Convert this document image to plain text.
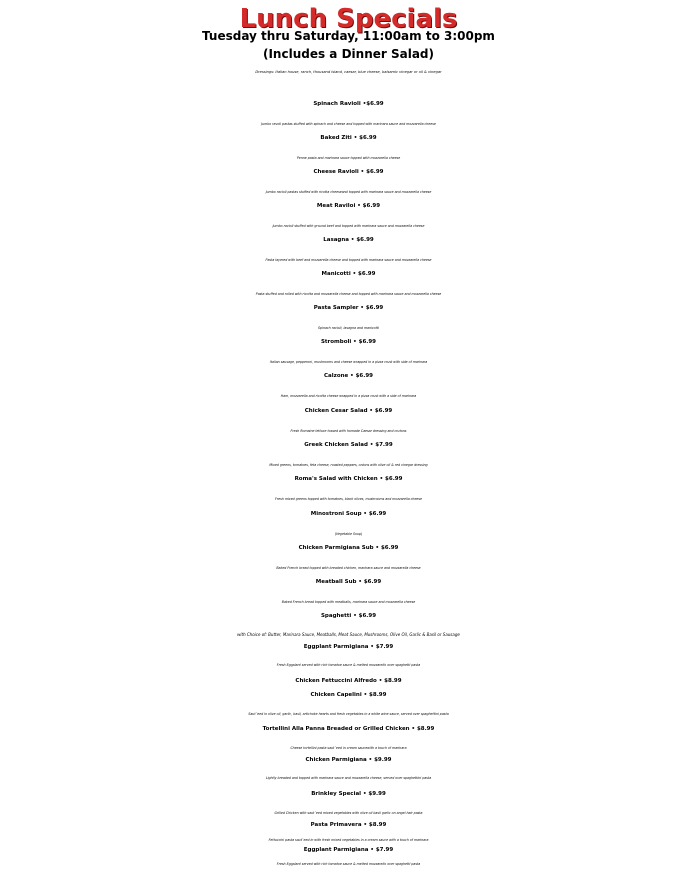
Lunch Specials
Tuesday thru Saturday, 11:00am to 3:00pm
(Includes a Dinner Salad)
Dressings: Italian house, ranch, thousand island, caesar, blue cheese, balsamic vinegar or oil & vinegar
Spinach Ravioli •$6.99
Jumbo ravoli pastas stuffed with spinach and cheese and topped with marinara sauce and mozzarella cheese
Baked Ziti • $6.99
Penne pasta and marinara sauce topped with mozzarella cheese
Cheese Ravioli • $6.99
Jumbo ravioli pastas stuffed with ricotta cheeseand topped with marinara sauce and mozzarella cheese
Meat Raviloi • $6.99
Jumbo ravioli stuffed with ground beef and topped with marinara sauce and mozzarella cheese
Lasagna • $6.99
Pasta layered with beef and mozzarella cheese and topped with marinara sauce and mozzarella cheese
Manicotti • $6.99
Pasta stuffed and rolled with ricotta and mozzarella cheese and topped with marinara sauce and mozzarella cheese
Pasta Sampler • $6.99
Spinach ravioli, lasagna and manicotti
Stromboli • $6.99
Italian sausage, pepperoni, mushrooms and cheese wrapped in a pizza crust with side of marinara
Calzone • $6.99
Ham, mozzarella and ricotta cheese wrapped in a pizza crust with a side of marinara
Chicken Cesar Salad • $6.99
Fresh Romaine lettuce tossed with homade Caesar dressing and crutons
Greek Chicken Salad • $7.99
Mixed greens, tomatoes, feta cheese, roasted peppers, onions with olive oil & red vinegar dressing
Roma's Salad with Chicken • $6.99
Fresh mixed greens topped with tomatoes, black olives, mushrooms and mozzarella cheese
Minostroni Soup • $6.99
(Vegetable Soup)
Chicken Parmigiana Sub • $6.99
Baked French bread topped with breaded chicken, marinara sauce and mozzarella cheese
Meatball Sub • $6.99
Baked French bread topped with meatballs, marinara sauce and mozzarella cheese
Spaghetti • $6.99
with Choice of: Butter, Marinara Sauce, Meatballs, Meat Sauce, Mushrooms, Olive Oil, Garlic & Basil or Sausage
Eggplant Parmigiana • $7.99
Fresh Eggplant served with rich tomatoe sauce & melted mozzarello over spaghetti pasta
Chicken Fettuccini Alfredo • $8.99
Chicken Capelini • $8.99
Saut´eed in olive oil, garlic, basil, artichoke hearts and fresh vegetables in a white wine sauce, served over spaghettini pasta
Tortellini Alla Panna Breaded or Grilled Chicken • $8.99
Cheese tortellini pasta saut´eed in cream saucewith a touch of marinara
Chicken Parmigiana • $9.99
Lightly breaded and topped with marinara sauce and mozzarella cheese, served over spaghettini pasta
Brinkley Special • $9.99
Grilled Chicken with saut`eed mixed vegetables with olive oil basil garlic on angel hair pasta
Pasta Primavera • $8.99
Fettuccini pasta saut`eed in with fresh mixed vegetables in a cream sauce with a touch of marinara
Eggplant Parmigiana • $7.99
Fresh Eggplant served with rich tomatoe sauce & melted mozzarello over spaghetti pasta
